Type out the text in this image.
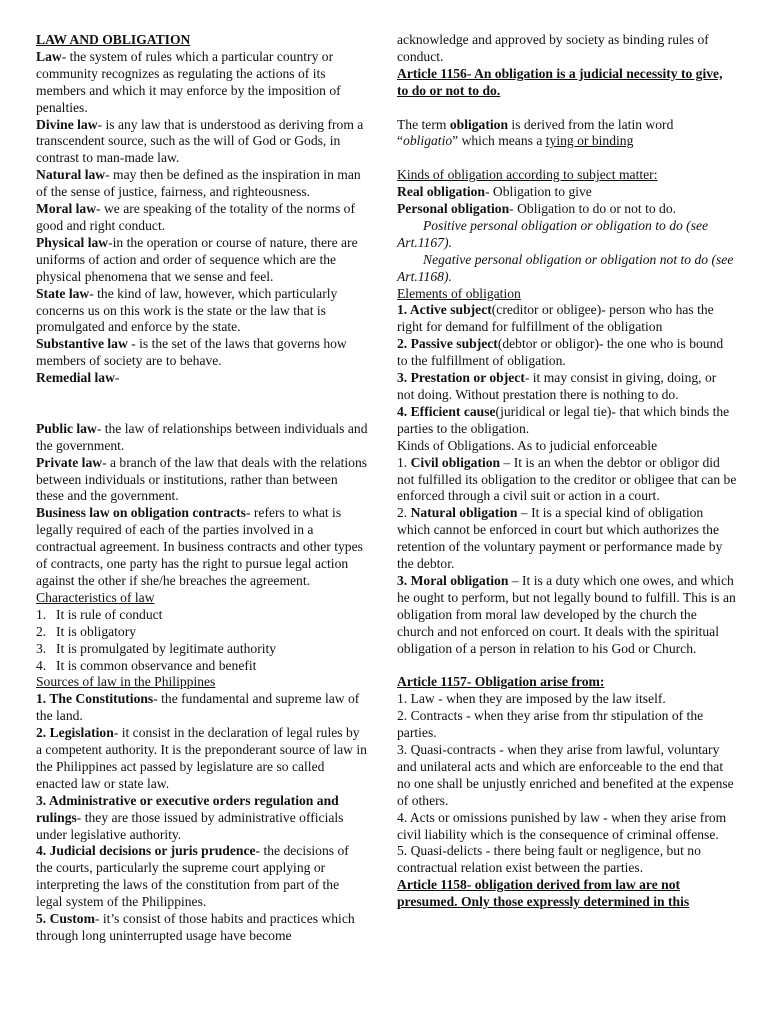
LAW AND OBLIGATION

Law- the system of rules which a particular country or community recognizes as regulating the actions of its members and which it may enforce by the imposition of penalties.

Divine law- is any law that is understood as deriving from a transcendent source, such as the will of God or Gods, in contrast to man-made law.

Natural law- may then be defined as the inspiration in man of the sense of justice, fairness, and righteousness.

Moral law- we are speaking of the totality of the norms of good and right conduct.

Physical law-in the operation or course of nature, there are uniforms of action and order of sequence which are the physical phenomena that we sense and feel.

State law- the kind of law, however, which particularly concerns us on this work is the state or the law that is promulgated and enforce by the state.

Substantive law - is the set of the laws that governs how members of society are to behave.

Remedial law-

Public law- the law of relationships between individuals and the government.

Private law- a branch of the law that deals with the relations between individuals or institutions, rather than between these and the government.

Business law on obligation contracts- refers to what is legally required of each of the parties involved in a contractual agreement. In business contracts and other types of contracts, one party has the right to pursue legal action against the other if she/he breaches the agreement.

Characteristics of law

1. It is rule of conduct
2. It is obligatory
3. It is promulgated by legitimate authority
4. It is common observance and benefit

Sources of law in the Philippines

1. The Constitutions- the fundamental and supreme law of the land.

2. Legislation- it consist in the declaration of legal rules by a competent authority. It is the preponderant source of law in the Philippines act passed by legislature are so called enacted law or state law.

3. Administrative or executive orders regulation and rulings- they are those issued by administrative officials under legislative authority.

4. Judicial decisions or juris prudence- the decisions of the courts, particularly the supreme court applying or interpreting the laws of the constitution from part of the legal system of the Philippines.

5. Custom- it’s consist of those habits and practices which through long uninterrupted usage have become

acknowledge and approved by society as binding rules of conduct.

Article 1156- An obligation is a judicial necessity to give, to do or not to do.

The term obligation is derived from the latin word “obligatio” which means a tying or binding

Kinds of obligation according to subject matter:

Real obligation- Obligation to give

Personal obligation- Obligation to do or not to do.

Positive personal obligation or obligation to do (see Art.1167).

Negative personal obligation or obligation not to do (see Art.1168).

Elements of obligation

1. Active subject(creditor or obligee)- person who has the right for demand for fulfillment of the obligation

2. Passive subject(debtor or obligor)- the one who is bound to the fulfillment of obligation.

3. Prestation or object- it may consist in giving, doing, or not doing. Without prestation there is nothing to do.

4. Efficient cause(juridical or legal tie)- that which binds the parties to the obligation.

Kinds of Obligations. As to judicial enforceable

1. Civil obligation – It is an when the debtor or obligor did not fulfilled its obligation to the creditor or obligee that can be enforced through a civil suit or action in a court.

2. Natural obligation – It is a special kind of obligation which cannot be enforced in court but which authorizes the retention of the voluntary payment or performance made by the debtor.

3. Moral obligation – It is a duty which one owes, and which he ought to perform, but not legally bound to fulfill. This is an obligation from moral law developed by the church the church and not enforced on court. It deals with the spiritual obligation of a person in relation to his God or Church.

Article 1157- Obligation arise from:

1. Law - when they are imposed by the law itself.

2. Contracts - when they arise from thr stipulation of the parties.

3. Quasi-contracts - when they arise from lawful, voluntary and unilateral acts and which are enforceable to the end that no one shall be unjustly enriched and benefited at the expense of others.

4. Acts or omissions punished by law - when they arise from civil liability which is the consequence of criminal offense.

5. Quasi-delicts - there being fault or negligence, but no contractual relation exist between the parties.

Article 1158- obligation derived from law are not presumed. Only those expressly determined in this
